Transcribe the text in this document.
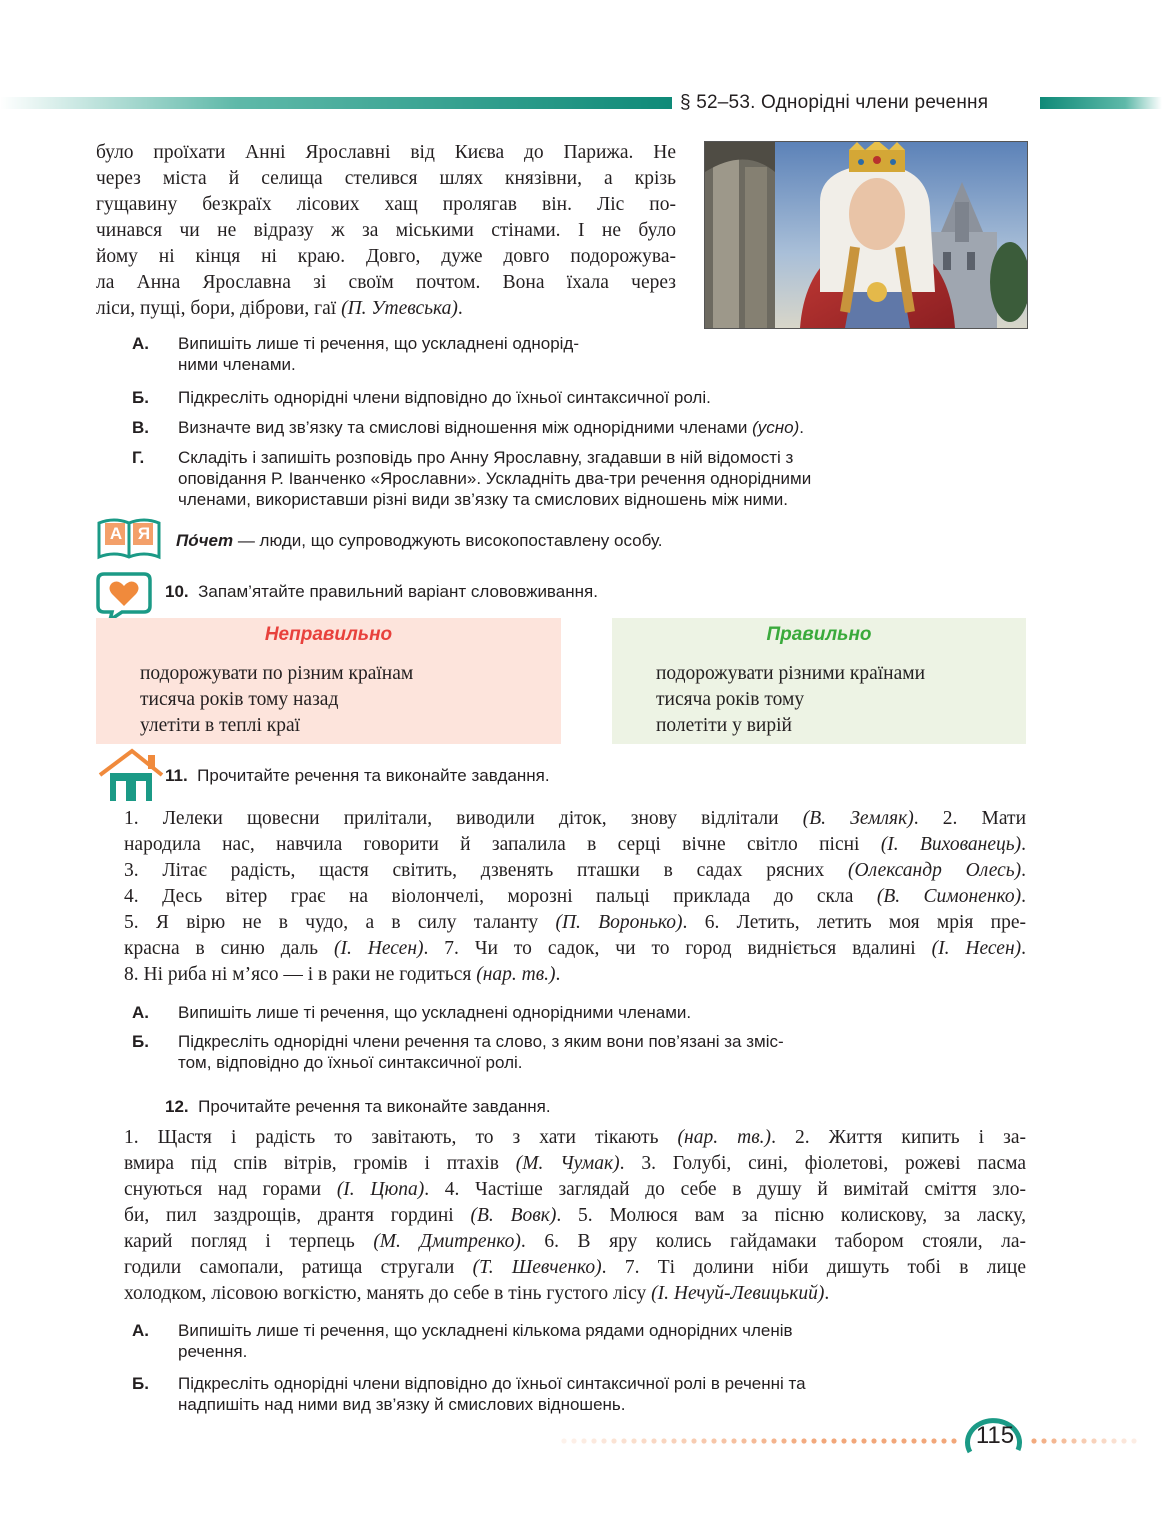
§ 52–53. Однорідні члени речення
було проїхати Анні Ярославні від Києва до Парижа. Не
через міста й селища стелився шлях князівни, а крізь
гущавину безкраїх лісових хащ пролягав він. Ліс по-
чинався чи не відразу ж за міськими стінами. І не було
йому ні кінця ні краю. Довго, дуже довго подорожува-
ла Анна Ярославна зі своїм почтом. Вона їхала через
ліси, пущі, бори, діброви, гаї (П. Утевська).
А. Випишіть лише ті речення, що ускладнені однорід-
ними членами.
Б. Підкресліть однорідні члени відповідно до їхньої синтаксичної ролі.
В. Визначте вид зв’язку та смислові відношення між однорідними членами (усно).
Г. Складіть і запишіть розповідь про Анну Ярославну, згадавши в ній відомості з
оповідання Р. Іванченко «Ярославни». Ускладніть два-три речення однорідними
членами, використавши різні види зв’язку та смислових відношень між ними.
А Я По́чет — люди, що супроводжують високопоставлену особу.
10. Запам’ятайте правильний варіант слововживання.
Неправильно
подорожувати по різним країнам
тисяча років тому назад
улетіти в теплі краї
Правильно
подорожувати різними країнами
тисяча років тому
полетіти у вирій
11. Прочитайте речення та виконайте завдання.
1. Лелеки щовесни прилітали, виводили діток, знову відлітали (В. Земляк). 2. Мати
народила нас, навчила говорити й запалила в серці вічне світло пісні (І. Вихованець).
3. Літає радість, щастя світить, дзвенять пташки в садах рясних (Олександр Олесь).
4. Десь вітер грає на віолончелі, морозні пальці приклада до скла (В. Симоненко).
5. Я вірю не в чудо, а в силу таланту (П. Воронько). 6. Летить, летить моя мрія пре-
красна в синю даль (І. Несен). 7. Чи то садок, чи то город видніється вдалині (І. Несен).
8. Ні риба ні м’ясо — і в раки не годиться (нар. тв.).
А. Випишіть лише ті речення, що ускладнені однорідними членами.
Б. Підкресліть однорідні члени речення та слово, з яким вони пов’язані за зміс-
том, відповідно до їхньої синтаксичної ролі.
12. Прочитайте речення та виконайте завдання.
1. Щастя і радість то завітають, то з хати тікають (нар. тв.). 2. Життя кипить і за-
вмира під спів вітрів, громів і птахів (М. Чумак). 3. Голубі, сині, фіолетові, рожеві пасма
снуються над горами (І. Цюпа). 4. Частіше заглядай до себе в душу й вимітай сміття зло-
би, пил заздрощів, дрантя гордині (В. Вовк). 5. Молюся вам за пісню колискову, за ласку,
карий погляд і терпець (М. Дмитренко). 6. В яру колись гайдамаки табором стояли, ла-
годили самопали, ратища стругали (Т. Шевченко). 7. Ті долини ніби дишуть тобі в лице
холодком, лісовою вогкістю, манять до себе в тінь густого лісу (І. Нечуй-Левицький).
А. Випишіть лише ті речення, що ускладнені кількома рядами однорідних членів
речення.
Б. Підкресліть однорідні члени відповідно до їхньої синтаксичної ролі в реченні та
надпишіть над ними вид зв’язку й смислових відношень.
115
